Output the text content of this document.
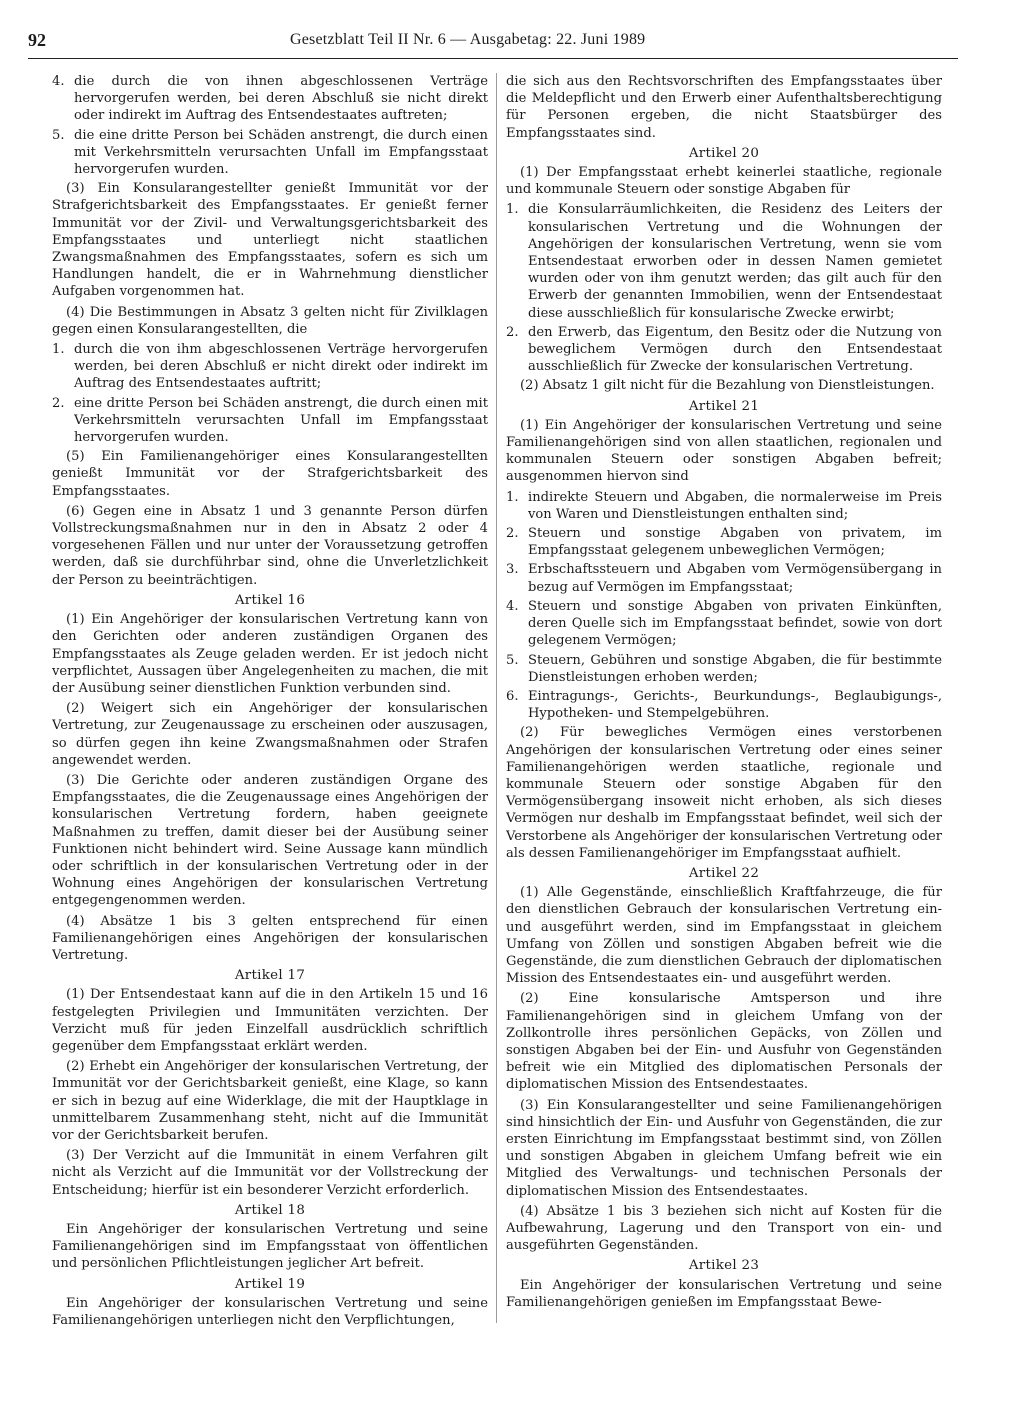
92	Gesetzblatt Teil II Nr. 6 — Ausgabetag: 22. Juni 1989
4. die durch die von ihnen abgeschlossenen Verträge hervorgerufen werden, bei deren Abschluß sie nicht direkt oder indirekt im Auftrag des Entsendestaates auftreten;
5. die eine dritte Person bei Schäden anstrengt, die durch einen mit Verkehrsmitteln verursachten Unfall im Empfangsstaat hervorgerufen wurden.

(3) Ein Konsularangestellter genießt Immunität vor der Strafgerichtsbarkeit des Empfangsstaates. Er genießt ferner Immunität vor der Zivil- und Verwaltungsgerichtsbarkeit des Empfangsstaates und unterliegt nicht staatlichen Zwangsmaßnahmen des Empfangsstaates, sofern es sich um Handlungen handelt, die er in Wahrnehmung dienstlicher Aufgaben vorgenommen hat.

(4) Die Bestimmungen in Absatz 3 gelten nicht für Zivilklagen gegen einen Konsularangestellten, die

1. durch die von ihm abgeschlossenen Verträge hervorgerufen werden, bei deren Abschluß er nicht direkt oder indirekt im Auftrag des Entsendestaates auftritt;
2. eine dritte Person bei Schäden anstrengt, die durch einen mit Verkehrsmitteln verursachten Unfall im Empfangsstaat hervorgerufen wurden.

(5) Ein Familienangehöriger eines Konsularangestellten genießt Immunität vor der Strafgerichtsbarkeit des Empfangsstaates.

(6) Gegen eine in Absatz 1 und 3 genannte Person dürfen Vollstreckungsmaßnahmen nur in den in Absatz 2 oder 4 vorgesehenen Fällen und nur unter der Voraussetzung getroffen werden, daß sie durchführbar sind, ohne die Unverletzlichkeit der Person zu beeinträchtigen.

Artikel 16

(1) Ein Angehöriger der konsularischen Vertretung kann von den Gerichten oder anderen zuständigen Organen des Empfangsstaates als Zeuge geladen werden. Er ist jedoch nicht verpflichtet, Aussagen über Angelegenheiten zu machen, die mit der Ausübung seiner dienstlichen Funktion verbunden sind.

(2) Weigert sich ein Angehöriger der konsularischen Vertretung, zur Zeugenaussage zu erscheinen oder auszusagen, so dürfen gegen ihn keine Zwangsmaßnahmen oder Strafen angewendet werden.

(3) Die Gerichte oder anderen zuständigen Organe des Empfangsstaates, die die Zeugenaussage eines Angehörigen der konsularischen Vertretung fordern, haben geeignete Maßnahmen zu treffen, damit dieser bei der Ausübung seiner Funktionen nicht behindert wird. Seine Aussage kann mündlich oder schriftlich in der konsularischen Vertretung oder in der Wohnung eines Angehörigen der konsularischen Vertretung entgegengenommen werden.

(4) Absätze 1 bis 3 gelten entsprechend für einen Familienangehörigen eines Angehörigen der konsularischen Vertretung.

Artikel 17

(1) Der Entsendestaat kann auf die in den Artikeln 15 und 16 festgelegten Privilegien und Immunitäten verzichten. Der Verzicht muß für jeden Einzelfall ausdrücklich schriftlich gegenüber dem Empfangsstaat erklärt werden.

(2) Erhebt ein Angehöriger der konsularischen Vertretung, der Immunität vor der Gerichtsbarkeit genießt, eine Klage, so kann er sich in bezug auf eine Widerklage, die mit der Hauptklage in unmittelbarem Zusammenhang steht, nicht auf die Immunität vor der Gerichtsbarkeit berufen.

(3) Der Verzicht auf die Immunität in einem Verfahren gilt nicht als Verzicht auf die Immunität vor der Vollstreckung der Entscheidung; hierfür ist ein besonderer Verzicht erforderlich.

Artikel 18

Ein Angehöriger der konsularischen Vertretung und seine Familienangehörigen sind im Empfangsstaat von öffentlichen und persönlichen Pflichtleistungen jeglicher Art befreit.

Artikel 19

Ein Angehöriger der konsularischen Vertretung und seine Familienangehörigen unterliegen nicht den Verpflichtungen,

die sich aus den Rechtsvorschriften des Empfangsstaates über die Meldepflicht und den Erwerb einer Aufenthaltsberechtigung für Personen ergeben, die nicht Staatsbürger des Empfangsstaates sind.

Artikel 20

(1) Der Empfangsstaat erhebt keinerlei staatliche, regionale und kommunale Steuern oder sonstige Abgaben für

1. die Konsularräumlichkeiten, die Residenz des Leiters der konsularischen Vertretung und die Wohnungen der Angehörigen der konsularischen Vertretung, wenn sie vom Entsendestaat erworben oder in dessen Namen gemietet wurden oder von ihm genutzt werden; das gilt auch für den Erwerb der genannten Immobilien, wenn der Entsendestaat diese ausschließlich für konsularische Zwecke erwirbt;
2. den Erwerb, das Eigentum, den Besitz oder die Nutzung von beweglichem Vermögen durch den Entsendestaat ausschließlich für Zwecke der konsularischen Vertretung.

(2) Absatz 1 gilt nicht für die Bezahlung von Dienstleistungen.

Artikel 21

(1) Ein Angehöriger der konsularischen Vertretung und seine Familienangehörigen sind von allen staatlichen, regionalen und kommunalen Steuern oder sonstigen Abgaben befreit; ausgenommen hiervon sind

1. indirekte Steuern und Abgaben, die normalerweise im Preis von Waren und Dienstleistungen enthalten sind;
2. Steuern und sonstige Abgaben von privatem, im Empfangsstaat gelegenem unbeweglichen Vermögen;
3. Erbschaftssteuern und Abgaben vom Vermögensübergang in bezug auf Vermögen im Empfangsstaat;
4. Steuern und sonstige Abgaben von privaten Einkünften, deren Quelle sich im Empfangsstaat befindet, sowie von dort gelegenem Vermögen;
5. Steuern, Gebühren und sonstige Abgaben, die für bestimmte Dienstleistungen erhoben werden;
6. Eintragungs-, Gerichts-, Beurkundungs-, Beglaubigungs-, Hypotheken- und Stempelgebühren.

(2) Für bewegliches Vermögen eines verstorbenen Angehörigen der konsularischen Vertretung oder eines seiner Familienangehörigen werden staatliche, regionale und kommunale Steuern oder sonstige Abgaben für den Vermögensübergang insoweit nicht erhoben, als sich dieses Vermögen nur deshalb im Empfangsstaat befindet, weil sich der Verstorbene als Angehöriger der konsularischen Vertretung oder als dessen Familienangehöriger im Empfangsstaat aufhielt.

Artikel 22

(1) Alle Gegenstände, einschließlich Kraftfahrzeuge, die für den dienstlichen Gebrauch der konsularischen Vertretung ein- und ausgeführt werden, sind im Empfangsstaat in gleichem Umfang von Zöllen und sonstigen Abgaben befreit wie die Gegenstände, die zum dienstlichen Gebrauch der diplomatischen Mission des Entsendestaates ein- und ausgeführt werden.

(2) Eine konsularische Amtsperson und ihre Familienangehörigen sind in gleichem Umfang von der Zollkontrolle ihres persönlichen Gepäcks, von Zöllen und sonstigen Abgaben bei der Ein- und Ausfuhr von Gegenständen befreit wie ein Mitglied des diplomatischen Personals der diplomatischen Mission des Entsendestaates.

(3) Ein Konsularangestellter und seine Familienangehörigen sind hinsichtlich der Ein- und Ausfuhr von Gegenständen, die zur ersten Einrichtung im Empfangsstaat bestimmt sind, von Zöllen und sonstigen Abgaben in gleichem Umfang befreit wie ein Mitglied des Verwaltungs- und technischen Personals der diplomatischen Mission des Entsendestaates.

(4) Absätze 1 bis 3 beziehen sich nicht auf Kosten für die Aufbewahrung, Lagerung und den Transport von ein- und ausgeführten Gegenständen.

Artikel 23

Ein Angehöriger der konsularischen Vertretung und seine Familienangehörigen genießen im Empfangsstaat Bewe-
